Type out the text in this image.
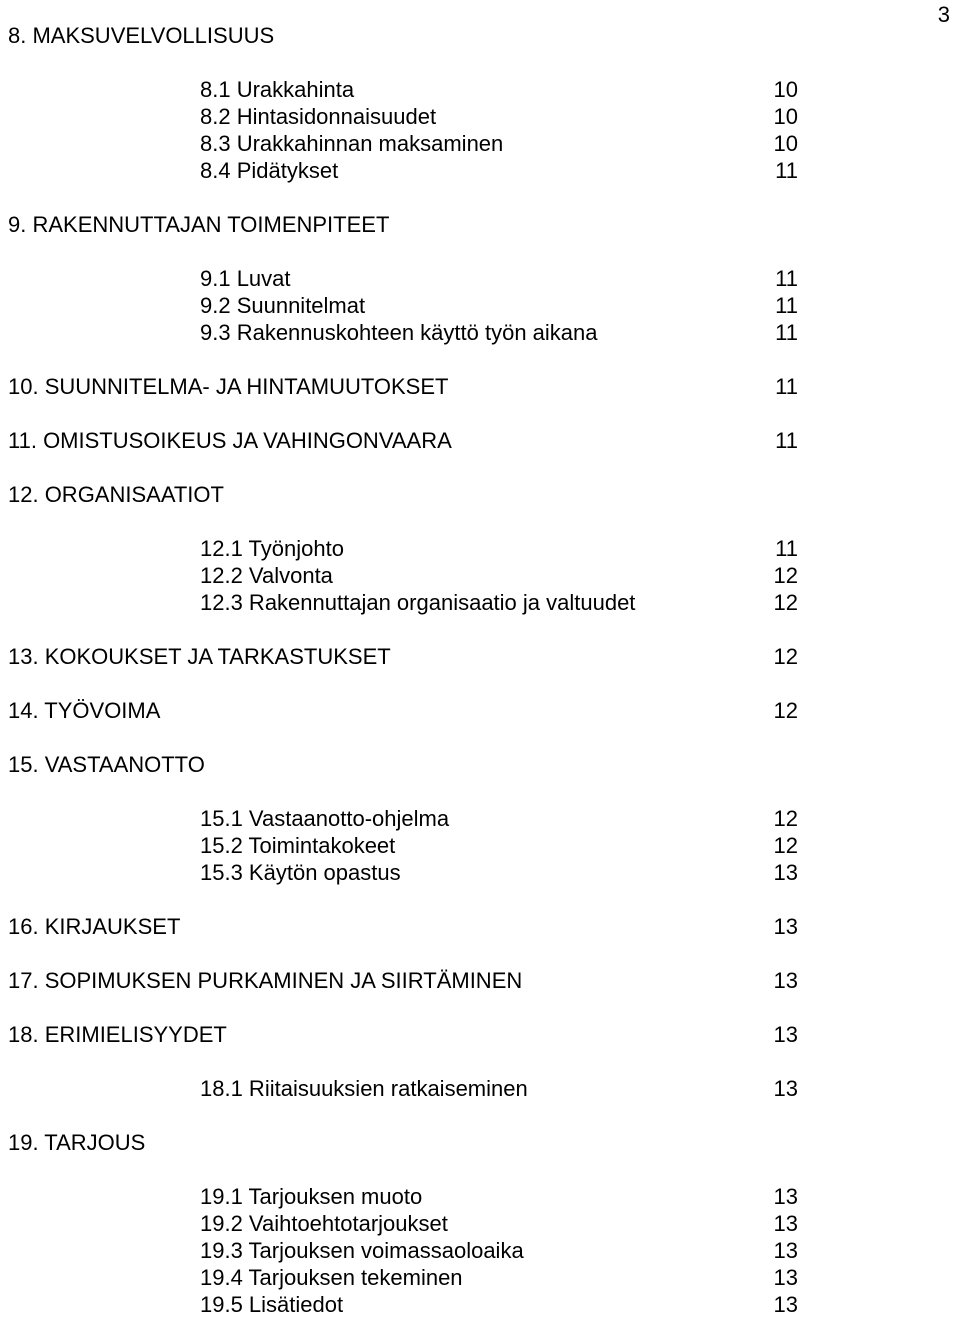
3
8. MAKSUVELVOLLISUUS
8.1 Urakkahinta	10
8.2 Hintasidonnaisuudet	10
8.3 Urakkahinnan maksaminen	10
8.4 Pidätykset	11
9. RAKENNUTTAJAN TOIMENPITEET
9.1 Luvat	11
9.2 Suunnitelmat	11
9.3 Rakennuskohteen käyttö työn aikana	11
10. SUUNNITELMA- JA HINTAMUUTOKSET	11
11. OMISTUSOIKEUS JA VAHINGONVAARA	11
12. ORGANISAATIOT
12.1 Työnjohto	11
12.2 Valvonta	12
12.3 Rakennuttajan organisaatio ja valtuudet	12
13. KOKOUKSET JA TARKASTUKSET	12
14. TYÖVOIMA	12
15. VASTAANOTTO
15.1 Vastaanotto-ohjelma	12
15.2 Toimintakokeet	12
15.3 Käytön opastus	13
16. KIRJAUKSET	13
17. SOPIMUKSEN PURKAMINEN JA SIIRTÄMINEN	13
18. ERIMIELISYYDET	13
18.1 Riitaisuuksien ratkaiseminen	13
19. TARJOUS
19.1 Tarjouksen muoto	13
19.2 Vaihtoehtotarjoukset	13
19.3 Tarjouksen voimassaoloaika	13
19.4 Tarjouksen tekeminen	13
19.5 Lisätiedot	13
